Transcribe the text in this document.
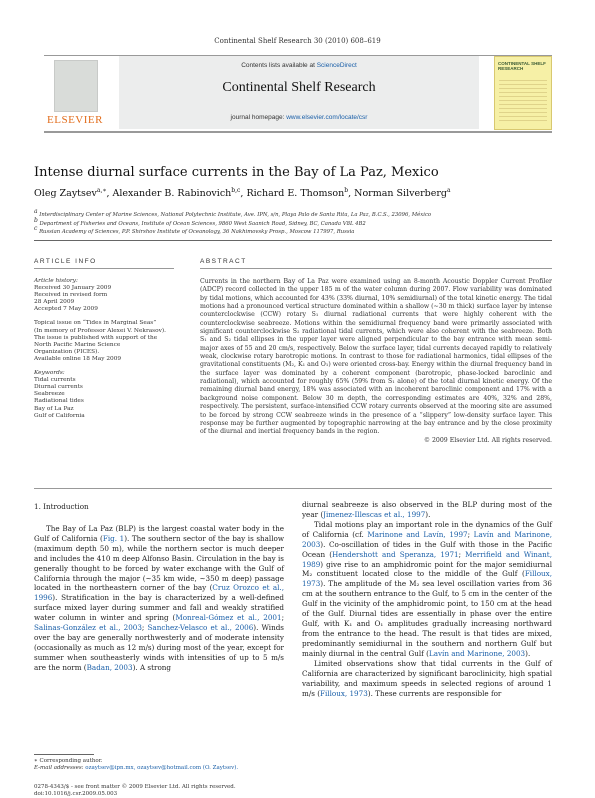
Continental Shelf Research 30 (2010) 608–619
ELSEVIER
Contents lists available at ScienceDirect
Continental Shelf Research
journal homepage: www.elsevier.com/locate/csr
CONTINENTAL SHELF RESEARCH
Intense diurnal surface currents in the Bay of La Paz, Mexico
Oleg Zaytsev$^{a,∗}$, Alexander B. Rabinovich$^{b,c}$, Richard E. Thomson$^b$, Norman Silverberg$^a$
$^a$ Interdisciplinary Center of Marine Sciences, National Polytechnic Institute, Ave. IPN, s/n, Playa Palo de Santa Rita, La Paz, B.C.S., 23096, México
$^b$ Department of Fisheries and Oceans, Institute of Ocean Sciences, 9860 West Saanich Road, Sidney, BC, Canada V8L 4B2
$^c$ Russian Academy of Sciences, P.P. Shirshov Institute of Oceanology, 36 Nakhimovsky Prosp., Moscow 117997, Russia
ARTICLE INFO	ABSTRACT
Article history:
Received 30 January 2009
Received in revised form
28 April 2009
Accepted 7 May 2009
Topical issue on “Tides in Marginal Seas”
(In memory of Professor Alexei V. Nekrasov).
The issue is published with support of the
North Pacific Marine Science
Organization (PICES).
Available online 18 May 2009
Keywords:
Tidal currents
Diurnal currents
Seabreeze
Radiational tides
Bay of La Paz
Gulf of California
Currents in the northern Bay of La Paz were examined using an 8-month Acoustic Doppler Current Profiler (ADCP) record collected in the upper 185 m of the water column during 2007. Flow variability was dominated by tidal motions, which accounted for 43% (33% diurnal, 10% semidiurnal) of the total kinetic energy. The tidal motions had a pronounced vertical structure dominated within a shallow (~30 m thick) surface layer by intense counterclockwise (CCW) rotary S₁ diurnal radiational currents that were highly coherent with the counterclockwise seabreeze. Motions within the semidiurnal frequency band were primarily associated with significant counterclockwise S₂ radiational tidal currents, which were also coherent with the seabreeze. Both S₁ and S₂ tidal ellipses in the upper layer were aligned perpendicular to the bay entrance with mean semi-major axes of 55 and 20 cm/s, respectively. Below the surface layer, tidal currents decayed rapidly to relatively weak, clockwise rotary barotropic motions. In contrast to those for radiational harmonics, tidal ellipses of the gravitational constituents (M₂, K₁ and O₁) were oriented cross-bay. Energy within the diurnal frequency band in the surface layer was dominated by a coherent component (barotropic, phase-locked baroclinic and radiational), which accounted for roughly 65% (59% from S₁ alone) of the total diurnal kinetic energy. Of the remaining diurnal band energy, 18% was associated with an incoherent baroclinic component and 17% with a background noise component. Below 30 m depth, the corresponding estimates are 40%, 32% and 28%, respectively. The persistent, surface-intensified CCW rotary currents observed at the mooring site are assumed to be forced by strong CCW seabreeze winds in the presence of a “slippery” low-density surface layer. This response may be further augmented by topographic narrowing at the bay entrance and by the close proximity of the diurnal and inertial frequency bands in the region.
© 2009 Elsevier Ltd. All rights reserved.
1. Introduction

The Bay of La Paz (BLP) is the largest coastal water body in the Gulf of California (Fig. 1). The southern sector of the bay is shallow (maximum depth 50 m), while the northern sector is much deeper and includes the 410 m deep Alfonso Basin. Circulation in the bay is generally thought to be forced by water exchange with the Gulf of California through the major (~35 km wide, ~350 m deep) passage located in the northeastern corner of the bay (Cruz Orozco et al., 1996). Stratification in the bay is characterized by a well-defined surface mixed layer during summer and fall and weakly stratified water column in winter and spring (Monreal-Gómez et al., 2001; Salinas-González et al., 2003; Sanchez-Velasco et al., 2006). Winds over the bay are generally northwesterly and of moderate intensity (occasionally as much as 12 m/s) during most of the year, except for summer when southeasterly winds with intensities of up to 5 m/s are the norm (Badan, 2003). A strong

diurnal seabreeze is also observed in the BLP during most of the year (Jimenez-Illescas et al., 1997).

Tidal motions play an important role in the dynamics of the Gulf of California (cf. Marinone and Lavín, 1997; Lavín and Marinone, 2003). Co-oscillation of tides in the Gulf with those in the Pacific Ocean (Hendershott and Speranza, 1971; Merrifield and Winant, 1989) give rise to an amphidromic point for the major semidiurnal M₂ constituent located close to the middle of the Gulf (Filloux, 1973). The amplitude of the M₂ sea level oscillation varies from 36 cm at the southern entrance to the Gulf, to 5 cm in the center of the Gulf in the vicinity of the amphidromic point, to 150 cm at the head of the Gulf. Diurnal tides are essentially in phase over the entire Gulf, with K₁ and O₁ amplitudes gradually increasing northward from the entrance to the head. The result is that tides are mixed, predominantly semidiurnal in the southern and northern Gulf but mainly diurnal in the central Gulf (Lavín and Marinone, 2003).

Limited observations show that tidal currents in the Gulf of California are characterized by significant baroclinicity, high spatial variability, and maximum speeds in selected regions of around 1 m/s (Filloux, 1973). These currents are responsible for

∗ Corresponding author.
E-mail addresses: ozaytsev@ipn.mx, ozaytsev@hotmail.com (O. Zaytsev).
0278-4343/$ - see front matter © 2009 Elsevier Ltd. All rights reserved.
doi:10.1016/j.csr.2009.05.003
